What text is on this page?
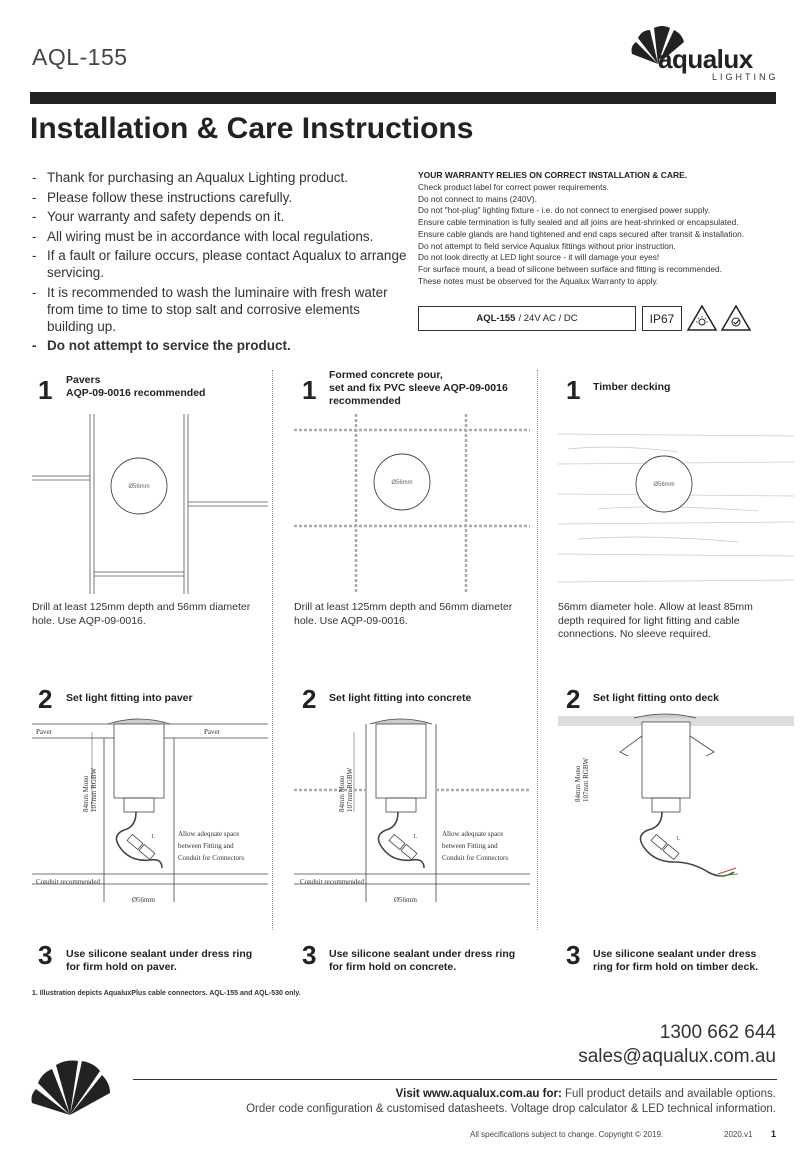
AQL-155	aqualux
LIGHTING
Installation & Care Instructions
- Thank for purchasing an Aqualux Lighting product.
- Please follow these instructions carefully.
- Your warranty and safety depends on it.
- All wiring must be in accordance with local regulations.
- If a fault or failure occurs, please contact Aqualux to arrange servicing.
- It is recommended to wash the luminaire with fresh water from time to time to stop salt and corrosive elements building up.
- Do not attempt to service the product.
YOUR WARRANTY RELIES ON CORRECT INSTALLATION & CARE.
Check product label for correct power requirements.
Do not connect to mains (240V).
Do not "hot-plug" lighting fixture - i.e. do not connect to energised power supply.
Ensure cable termination is fully sealed and all joins are heat-shrinked or encapsulated.
Ensure cable glands are hand tightened and end caps secured after transit & installation.
Do not attempt to field service Aqualux fittings without prior instruction.
Do not look directly at LED light source - it will damage your eyes!
For surface mount, a bead of silicone between surface and fitting is recommended.
These notes must be observed for the Aqualux Warranty to apply.
AQL-155 / 24V AC / DC	IP67
1 Pavers
AQP-09-0016 recommended
Ø56mm
Drill at least 125mm depth and 56mm diameter hole. Use AQP-09-0016.
2 Set light fitting into paver
Paver	Paver
84mm Mono 107mm RGBW
Allow adequate space between Fitting and Conduit for Connectors
Conduit recommended
Ø56mm
1.
3 Use silicone sealant under dress ring for firm hold on paver.
1 Formed concrete pour,
set and fix PVC sleeve AQP-09-0016 recommended
Ø56mm
Drill at least 125mm depth and 56mm diameter hole. Use AQP-09-0016.
2 Set light fitting into concrete
84mm Mono 107mm RGBW
Allow adequate space between Fitting and Conduit for Connectors
Conduit recommended
Ø56mm
1.
3 Use silicone sealant under dress ring for firm hold on concrete.
1 Timber decking
Ø56mm
56mm diameter hole. Allow at least 85mm depth required for light fitting and cable connections. No sleeve required.
2 Set light fitting onto deck
84mm Mono 107mm RGBW
1.
3 Use silicone sealant under dress ring for firm hold on timber deck.
1. Illustration depicts AqualuxPlus cable connectors. AQL-155 and AQL-530 only.
1300 662 644
sales@aqualux.com.au
Visit www.aqualux.com.au for: Full product details and available options.
Order code configuration & customised datasheets. Voltage drop calculator & LED technical information.
All specifications subject to change. Copyright © 2019.	2020.v1 1
